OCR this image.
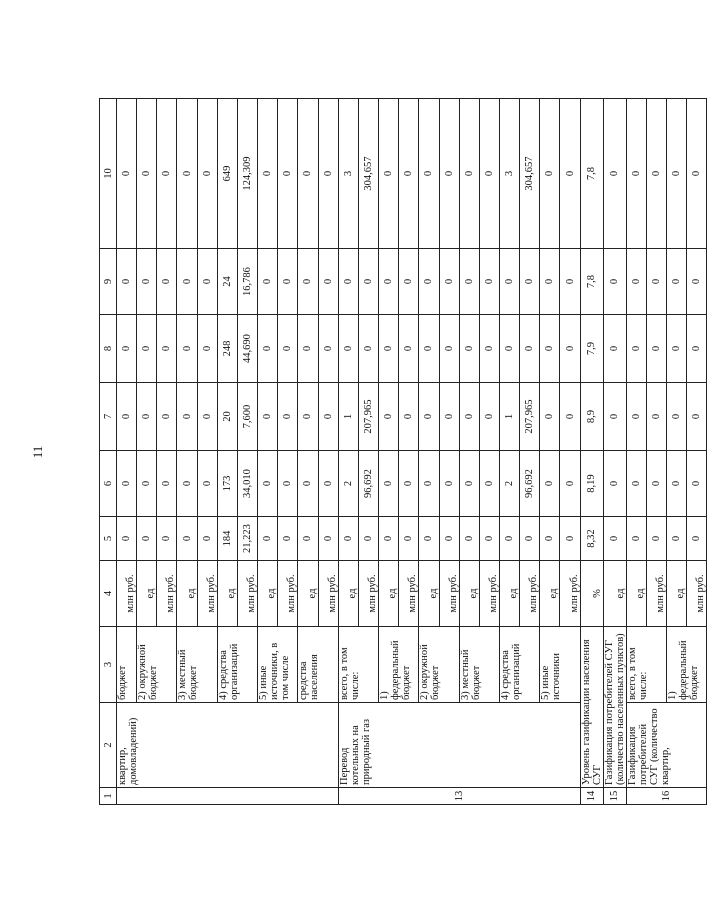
11
1	2	3	4	5	6	7	8	9	10
	квартир, домовладений)	бюджет	млн руб.	0	0	0	0	0	0
		2) окружной бюджет	ед	0	0	0	0	0	0
			млн руб.	0	0	0	0	0	0
		3) местный бюджет	ед	0	0	0	0	0	0
			млн руб.	0	0	0	0	0	0
		4) средства организаций	ед	184	173	20	248	24	649
			млн руб.	21,223	34,010	7,600	44,690	16,786	124,309
		5) иные источники, в том числе	ед	0	0	0	0	0	0
			млн руб.	0	0	0	0	0	0
		средства населения	ед	0	0	0	0	0	0
			млн руб.	0	0	0	0	0	0
13	Перевод котельных на природный газ	всего, в том числе:	ед	0	2	1	0	0	3
			млн руб.	0	96,692	207,965	0	0	304,657
		1) федеральный бюджет	ед	0	0	0	0	0	0
			млн руб.	0	0	0	0	0	0
		2) окружной бюджет	ед	0	0	0	0	0	0
			млн руб.	0	0	0	0	0	0
		3) местный бюджет	ед	0	0	0	0	0	0
			млн руб.	0	0	0	0	0	0
		4) средства организаций	ед	0	2	1	0	0	3
			млн руб.	0	96,692	207,965	0	0	304,657
		5) иные источники	ед	0	0	0	0	0	0
			млн руб.	0	0	0	0	0	0
14	Уровень газификации населения СУГ		%	8,32	8,19	8,9	7,9	7,8	7,8
15	Газификация потребителей СУГ (количество населенных пунктов)		ед	0	0	0	0	0	0
16	Газификация потребителей СУГ (количество квартир,	всего, в том числе:	ед	0	0	0	0	0	0
			млн руб.	0	0	0	0	0	0
		1) федеральный бюджет	ед	0	0	0	0	0	0
			млн руб.	0	0	0	0	0	0
